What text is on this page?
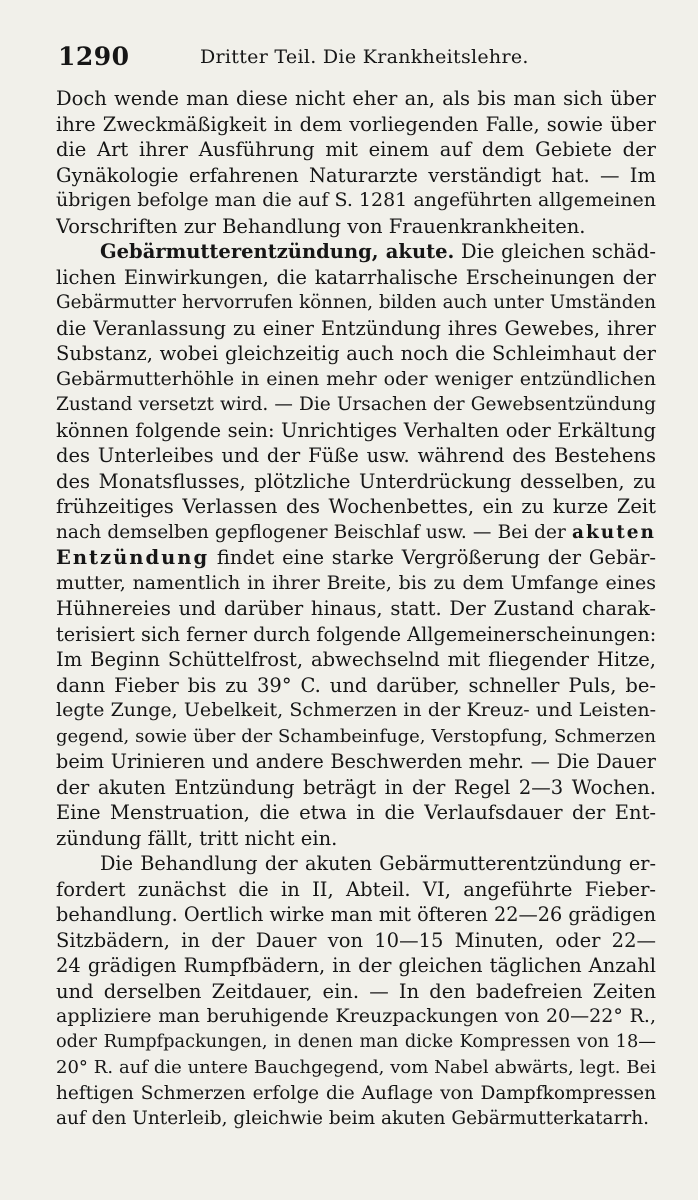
1290	Dritter Teil. Die Krankheitslehre.
Doch wende man diese nicht eher an, als bis man sich über
ihre Zweckmäßigkeit in dem vorliegenden Falle, sowie über
die Art ihrer Ausführung mit einem auf dem Gebiete der
Gynäkologie erfahrenen Naturarzte verständigt hat. — Im
übrigen befolge man die auf S. 1281 angeführten allgemeinen
Vorschriften zur Behandlung von Frauenkrankheiten.
Gebärmutterentzündung, akute. Die gleichen schäd-
lichen Einwirkungen, die katarrhalische Erscheinungen der
Gebärmutter hervorrufen können, bilden auch unter Umständen
die Veranlassung zu einer Entzündung ihres Gewebes, ihrer
Substanz, wobei gleichzeitig auch noch die Schleimhaut der
Gebärmutterhöhle in einen mehr oder weniger entzündlichen
Zustand versetzt wird. — Die Ursachen der Gewebsentzündung
können folgende sein: Unrichtiges Verhalten oder Erkältung
des Unterleibes und der Füße usw. während des Bestehens
des Monatsflusses, plötzliche Unterdrückung desselben, zu
frühzeitiges Verlassen des Wochenbettes, ein zu kurze Zeit
nach demselben gepflogener Beischlaf usw. — Bei der akuten
Entzündung findet eine starke Vergrößerung der Gebär-
mutter, namentlich in ihrer Breite, bis zu dem Umfange eines
Hühnereies und darüber hinaus, statt. Der Zustand charak-
terisiert sich ferner durch folgende Allgemeinerscheinungen:
Im Beginn Schüttelfrost, abwechselnd mit fliegender Hitze,
dann Fieber bis zu 39° C. und darüber, schneller Puls, be-
legte Zunge, Uebelkeit, Schmerzen in der Kreuz- und Leisten-
gegend, sowie über der Schambeinfuge, Verstopfung, Schmerzen
beim Urinieren und andere Beschwerden mehr. — Die Dauer
der akuten Entzündung beträgt in der Regel 2—3 Wochen.
Eine Menstruation, die etwa in die Verlaufsdauer der Ent-
zündung fällt, tritt nicht ein.
Die Behandlung der akuten Gebärmutterentzündung er-
fordert zunächst die in II, Abteil. VI, angeführte Fieber-
behandlung. Oertlich wirke man mit öfteren 22—26 grädigen
Sitzbädern, in der Dauer von 10—15 Minuten, oder 22—
24 grädigen Rumpfbädern, in der gleichen täglichen Anzahl
und derselben Zeitdauer, ein. — In den badefreien Zeiten
appliziere man beruhigende Kreuzpackungen von 20—22° R.,
oder Rumpfpackungen, in denen man dicke Kompressen von 18—
20° R. auf die untere Bauchgegend, vom Nabel abwärts, legt. Bei
heftigen Schmerzen erfolge die Auflage von Dampfkompressen
auf den Unterleib, gleichwie beim akuten Gebärmutterkatarrh.
